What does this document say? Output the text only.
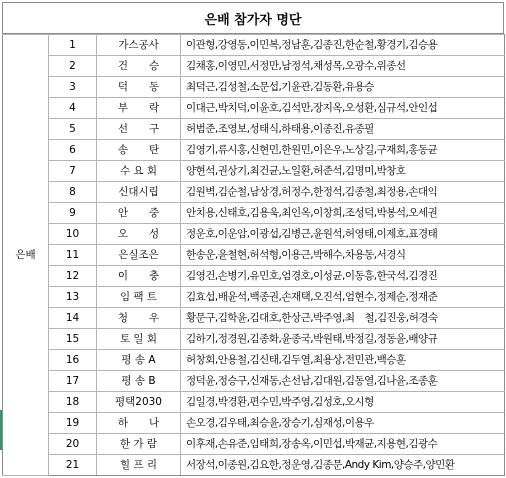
은배 참가자 명단
은배	1	가스공사	이관형,강영동,이민복,정남훈,김종진,한순철,황경기,김승용
	2	건　　승	김채홍,이영민,서정만,남정석,채성목,오광수,위종선
	3	덕　　동	최덕근,김성철,소문섭,기윤관,김동환,유용승
	4	부　　락	이대근,박치덕,이윤호,김석만,장지옥,오성환,심규석,안인섭
	5	선　　구	허범준,조영보,성태식,하태용,이종진,유종필
	6	송　　탄	김영기,류시홍,신현민,한원민,이은우,노상길,구재희,홍동균
	7	수 요 회	양현석,권상기,최건균,노일환,허준석,김명미,박창호
	8	신대시립	김원벽,김순철,남상경,허정수,한정석,김종철,최정용,손대익
	9	안　　중	안치용,신태호,김용욱,최인옥,이창희,조성덕,박봉석,오세권
	10	오　　성	정운호,이운암,이광섭,김병근,윤원석,허영태,이제호,표경태
	11	은실조은	한송운,윤철현,허석형,이용근,박해수,차용동,서경식
	12	이　　충	김영건,손병기,유민호,엄경호,이성균,이동흥,한국석,김경진
	13	임 팩 트	김효섭,배윤석,백종권,손재택,오진석,엄현수,정제순,정재준
	14	청　　우	황문구,김학윤,김대호,한상근,박주영,최　철,김진웅,허경숙
	15	토 일 회	김하기,정경원,김종화,윤종국,박원태,박정길,정동윤,배양규
	16	평 송 A	허창회,안용철,김신태,김두열,최용상,전민관,백승훈
	17	평 송 B	정덕윤,정승구,신재동,손선남,김대원,김동열,김나윤,조종훈
	18	평택2030	김일경,박경환,편수민,박주영,김성호,오시형
	19	하　　나	손오경,김우태,최승윤,장승기,심재성,이용우
	20	한 가 람	이후재,손유준,임태희,장송옥,이민섭,박재균,지용현,김광수
	21	힐 프 리	서장석,이종원,김요한,정운영,김종문,Andy Kim,양승주,양민환
